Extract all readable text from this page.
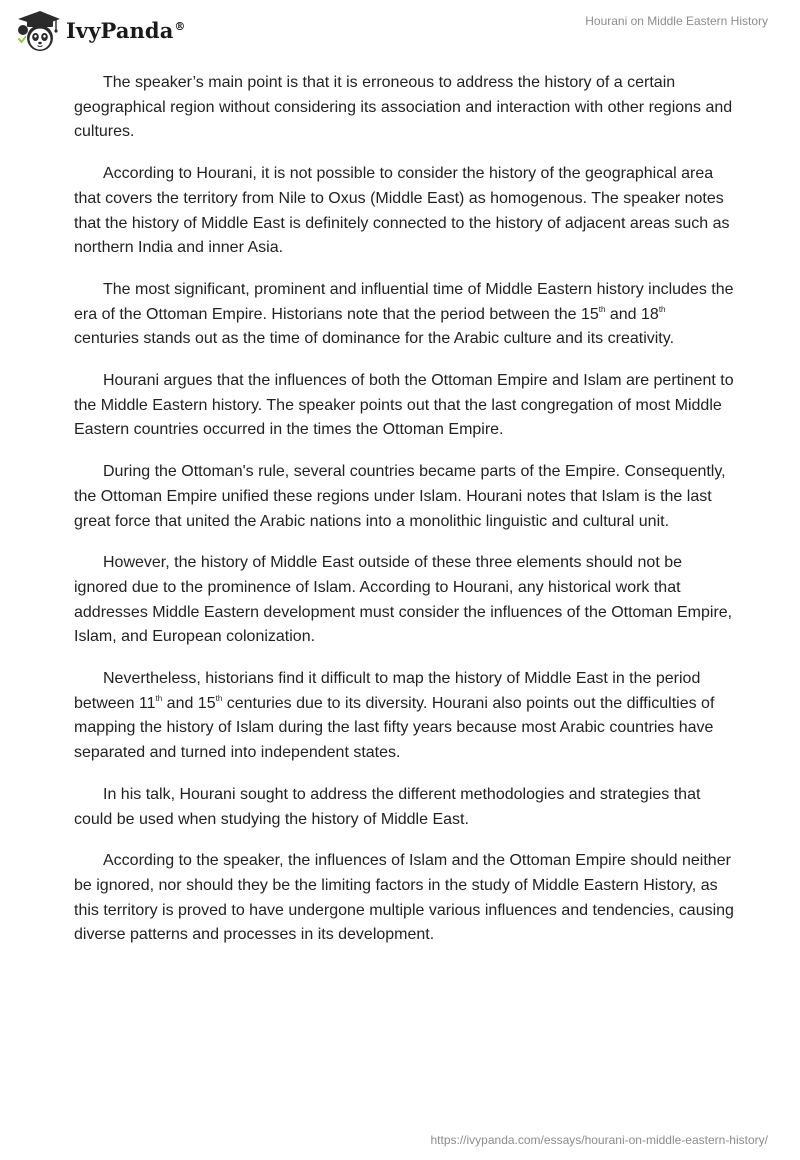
IvyPanda®	Hourani on Middle Eastern History

The speaker’s main point is that it is erroneous to address the history of a certain geographical region without considering its association and interaction with other regions and cultures.

According to Hourani, it is not possible to consider the history of the geographical area that covers the territory from Nile to Oxus (Middle East) as homogenous. The speaker notes that the history of Middle East is definitely connected to the history of adjacent areas such as northern India and inner Asia.

The most significant, prominent and influential time of Middle Eastern history includes the era of the Ottoman Empire. Historians note that the period between the 15th and 18th centuries stands out as the time of dominance for the Arabic culture and its creativity.

Hourani argues that the influences of both the Ottoman Empire and Islam are pertinent to the Middle Eastern history. The speaker points out that the last congregation of most Middle Eastern countries occurred in the times the Ottoman Empire.

During the Ottoman's rule, several countries became parts of the Empire. Consequently, the Ottoman Empire unified these regions under Islam. Hourani notes that Islam is the last great force that united the Arabic nations into a monolithic linguistic and cultural unit.

However, the history of Middle East outside of these three elements should not be ignored due to the prominence of Islam. According to Hourani, any historical work that addresses Middle Eastern development must consider the influences of the Ottoman Empire, Islam, and European colonization.

Nevertheless, historians find it difficult to map the history of Middle East in the period between 11th and 15th centuries due to its diversity. Hourani also points out the difficulties of mapping the history of Islam during the last fifty years because most Arabic countries have separated and turned into independent states.

In his talk, Hourani sought to address the different methodologies and strategies that could be used when studying the history of Middle East.

According to the speaker, the influences of Islam and the Ottoman Empire should neither be ignored, nor should they be the limiting factors in the study of Middle Eastern History, as this territory is proved to have undergone multiple various influences and tendencies, causing diverse patterns and processes in its development.

https://ivypanda.com/essays/hourani-on-middle-eastern-history/
